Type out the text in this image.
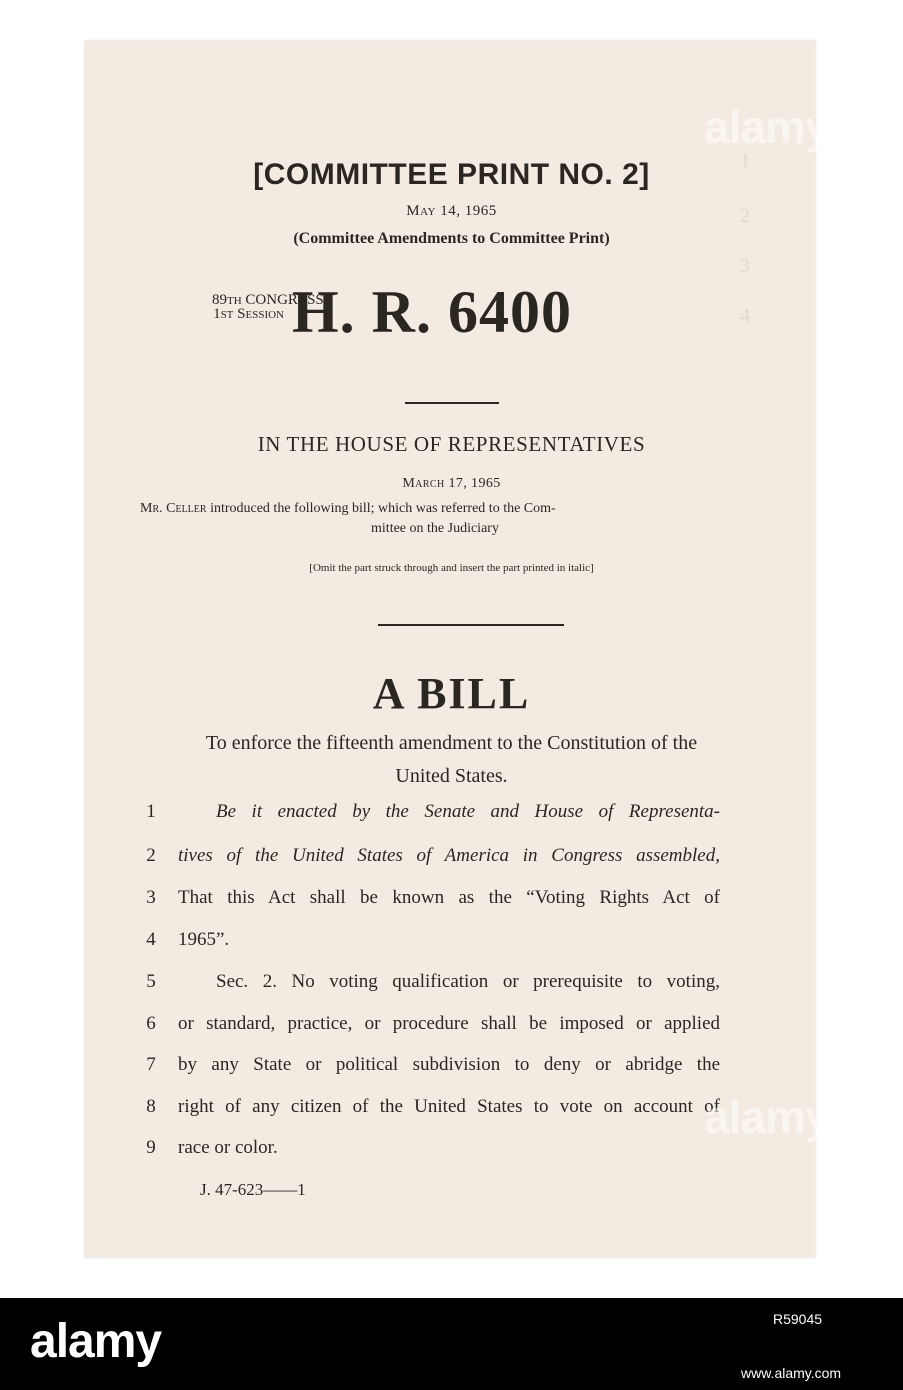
1
2
3
4
[COMMITTEE PRINT NO. 2]
May 14, 1965
(Committee Amendments to Committee Print)
89th CONGRESS
1st Session H. R. 6400
IN THE HOUSE OF REPRESENTATIVES
March 17, 1965
Mr. Celler introduced the following bill; which was referred to the Com-
mittee on the Judiciary
[Omit the part struck through and insert the part printed in italic]
A BILL
To enforce the fifteenth amendment to the Constitution of the
United States.
1	Be it enacted by the Senate and House of Representa-
2	tives of the United States of America in Congress assembled,
3	That this Act shall be known as the “Voting Rights Act of
4	1965”.
5	Sec. 2. No voting qualification or prerequisite to voting,
6	or standard, practice, or procedure shall be imposed or applied
7	by any State or political subdivision to deny or abridge the
8	right of any citizen of the United States to vote on account of
9	race or color.
J. 47-623——1
alamy
alamy
alamy	R59045
www.alamy.com
